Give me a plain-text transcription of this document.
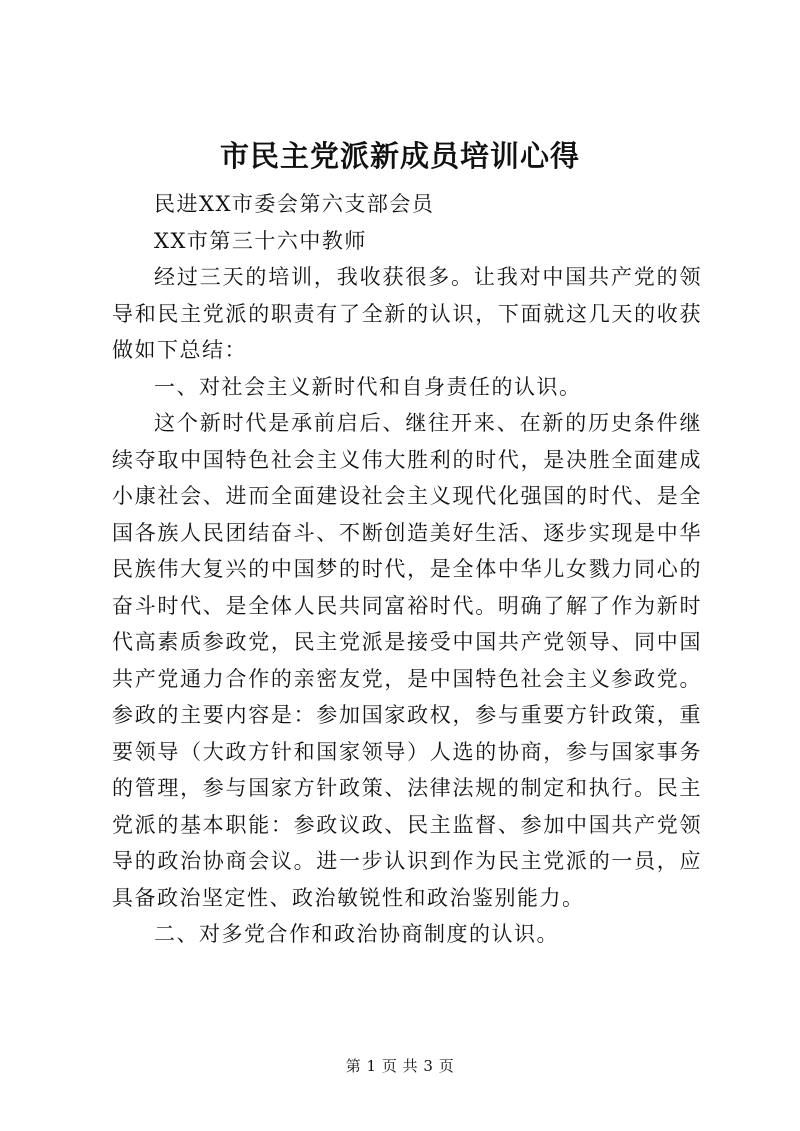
市民主党派新成员培训心得

民进XX市委会第六支部会员

XX市第三十六中教师

经过三天的培训，我收获很多。让我对中国共产党的领导和民主党派的职责有了全新的认识，下面就这几天的收获做如下总结：

一、对社会主义新时代和自身责任的认识。

这个新时代是承前启后、继往开来、在新的历史条件继续夺取中国特色社会主义伟大胜利的时代，是决胜全面建成小康社会、进而全面建设社会主义现代化强国的时代、是全国各族人民团结奋斗、不断创造美好生活、逐步实现是中华民族伟大复兴的中国梦的时代，是全体中华儿女戮力同心的奋斗时代、是全体人民共同富裕时代。明确了解了作为新时代高素质参政党，民主党派是接受中国共产党领导、同中国共产党通力合作的亲密友党，是中国特色社会主义参政党。参政的主要内容是：参加国家政权，参与重要方针政策，重要领导（大政方针和国家领导）人选的协商，参与国家事务的管理，参与国家方针政策、法律法规的制定和执行。民主党派的基本职能：参政议政、民主监督、参加中国共产党领导的政治协商会议。进一步认识到作为民主党派的一员，应具备政治坚定性、政治敏锐性和政治鉴别能力。

二、对多党合作和政治协商制度的认识。

第 1 页 共 3 页
